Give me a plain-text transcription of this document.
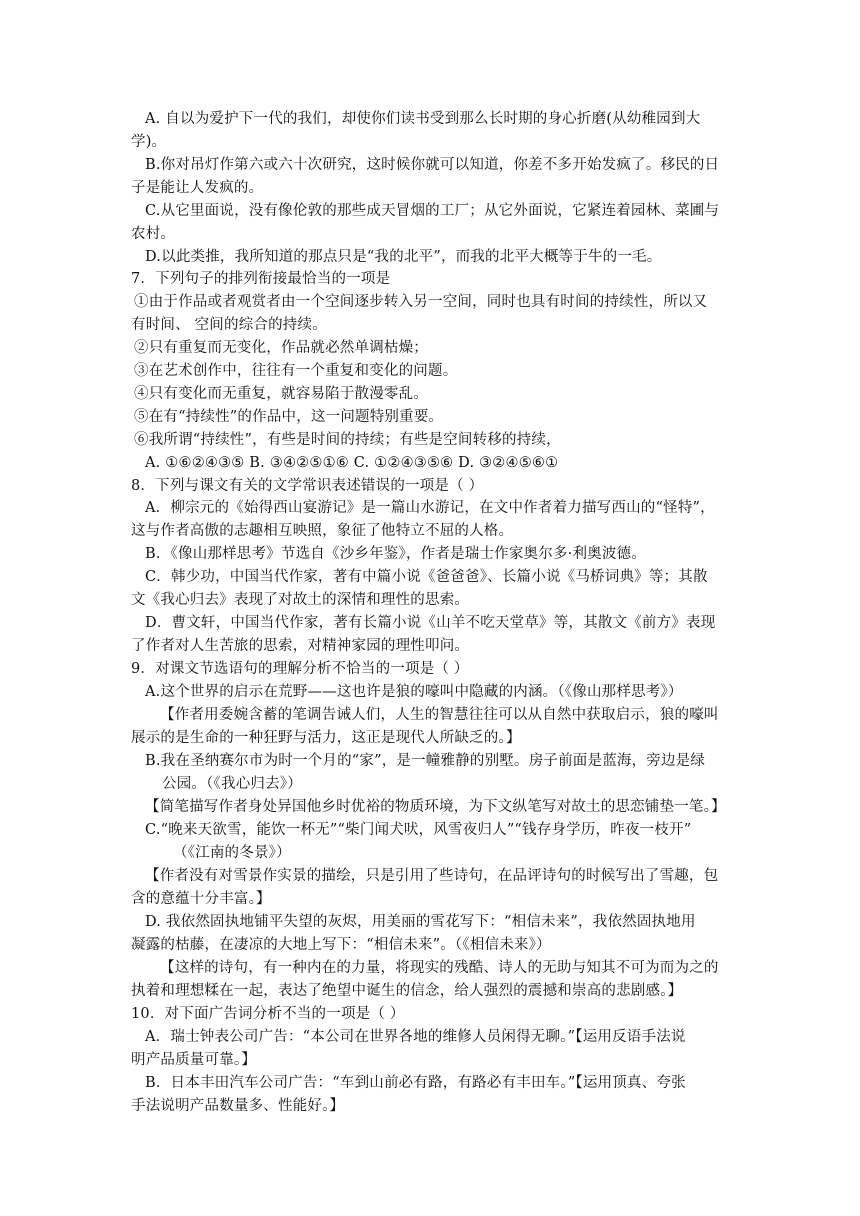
A. 自以为爱护下一代的我们，却使你们读书受到那么长时期的身心折磨(从幼稚园到大
学)。
B.你对吊灯作第六或六十次研究，这时候你就可以知道，你差不多开始发疯了。移民的日
子是能让人发疯的。
C.从它里面说，没有像伦敦的那些成天冒烟的工厂；从它外面说，它紧连着园林、菜圃与
农村。
D.以此类推，我所知道的那点只是“我的北平”，而我的北平大概等于牛的一毛。
7．下列句子的排列衔接最恰当的一项是
①由于作品或者观赏者由一个空间逐步转入另一空间，同时也具有时间的持续性，所以又
有时间、 空间的综合的持续。
②只有重复而无变化，作品就必然单调枯燥；
③在艺术创作中，往往有一个重复和变化的问题。
④只有变化而无重复，就容易陷于散漫零乱。
⑤在有“持续性”的作品中，这一问题特别重要。
⑥我所谓“持续性”，有些是时间的持续；有些是空间转移的持续，
A. ①⑥②④③⑤ B. ③④②⑤①⑥ C. ①②④③⑤⑥ D. ③②④⑤⑥①
8．下列与课文有关的文学常识表述错误的一项是（ ）
A．柳宗元的《始得西山宴游记》是一篇山水游记，在文中作者着力描写西山的“怪特”，
这与作者高傲的志趣相互映照，象征了他特立不屈的人格。
B．《像山那样思考》节选自《沙乡年鉴》，作者是瑞士作家奥尔多·利奥波德。
C．韩少功，中国当代作家，著有中篇小说《爸爸爸》、长篇小说《马桥词典》等；其散
文《我心归去》表现了对故土的深情和理性的思索。
D．曹文轩，中国当代作家，著有长篇小说《山羊不吃天堂草》等，其散文《前方》表现
了作者对人生苦旅的思索，对精神家园的理性叩问。
9．对课文节选语句的理解分析不恰当的一项是（ ）
A.这个世界的启示在荒野——这也许是狼的嚎叫中隐藏的内涵。（《像山那样思考》）
【作者用委婉含蓄的笔调告诫人们，人生的智慧往往可以从自然中获取启示，狼的嚎叫
展示的是生命的一种狂野与活力，这正是现代人所缺乏的。】
B.我在圣纳赛尔市为时一个月的“家”，是一幢雅静的别墅。房子前面是蓝海，旁边是绿
公园。（《我心归去》）
【简笔描写作者身处异国他乡时优裕的物质环境，为下文纵笔写对故土的思恋铺垫一笔。】
C.“晚来天欲雪，能饮一杯无”“柴门闻犬吠，风雪夜归人”“钱存身学历，昨夜一枝开”
（《江南的冬景》）
【作者没有对雪景作实景的描绘，只是引用了些诗句，在品评诗句的时候写出了雪趣，包
含的意蕴十分丰富。】
D. 我依然固执地铺平失望的灰烬，用美丽的雪花写下：“相信未来”，我依然固执地用
凝露的枯藤，在凄凉的大地上写下：“相信未来”。（《相信未来》）
【这样的诗句，有一种内在的力量，将现实的残酷、诗人的无助与知其不可为而为之的
执着和理想糅在一起，表达了绝望中诞生的信念，给人强烈的震撼和崇高的悲剧感。】
10．对下面广告词分析不当的一项是（ ）
A．瑞士钟表公司广告：“本公司在世界各地的维修人员闲得无聊。”【运用反语手法说
明产品质量可靠。】
B．日本丰田汽车公司广告：“车到山前必有路，有路必有丰田车。”【运用顶真、夸张
手法说明产品数量多、性能好。】
